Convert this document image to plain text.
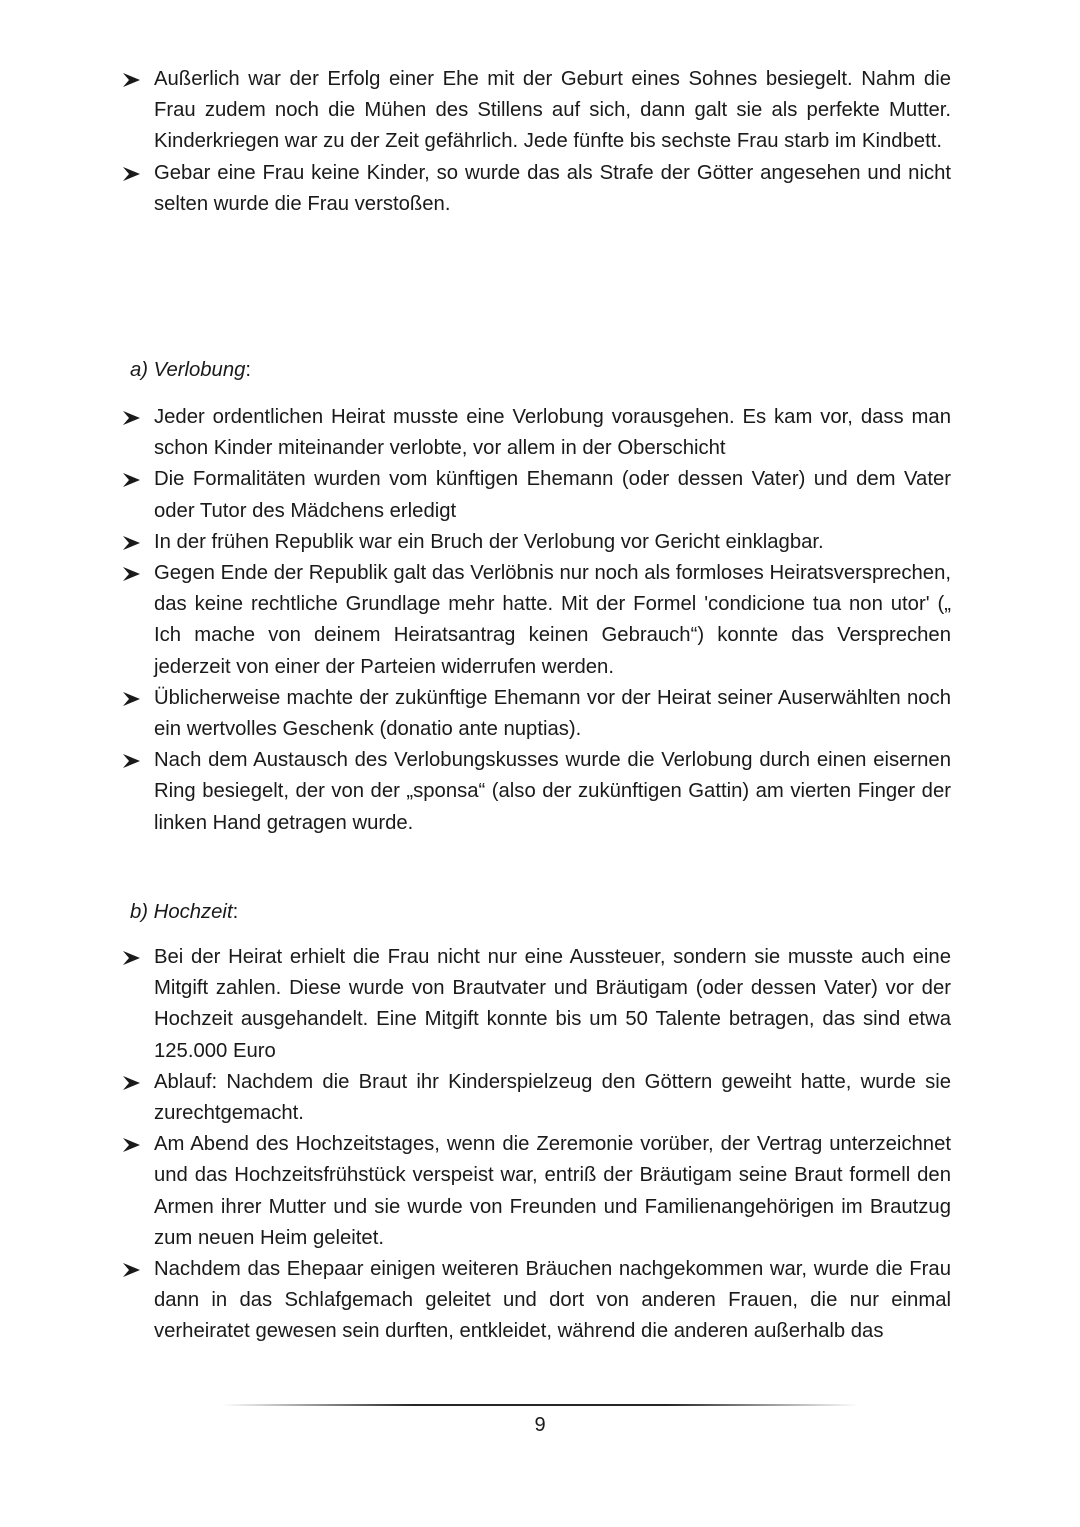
Außerlich war der Erfolg einer Ehe mit der Geburt eines Sohnes besiegelt. Nahm die Frau zudem noch die Mühen des Stillens auf sich, dann galt sie als perfekte Mutter. Kinderkriegen war zu der Zeit gefährlich. Jede fünfte bis sechste Frau starb im Kindbett.
Gebar eine Frau keine Kinder, so wurde das als Strafe der Götter angesehen und nicht selten wurde die Frau verstoßen.
a) Verlobung:
Jeder ordentlichen Heirat musste eine Verlobung vorausgehen. Es kam vor, dass man schon Kinder miteinander verlobte, vor allem in der Oberschicht
Die Formalitäten wurden vom künftigen Ehemann (oder dessen Vater) und dem Vater oder Tutor des Mädchens erledigt
In der frühen Republik war ein Bruch der Verlobung vor Gericht einklagbar.
Gegen Ende der Republik galt das Verlöbnis nur noch als formloses Heiratsversprechen, das keine rechtliche Grundlage mehr hatte. Mit der Formel 'condicione tua non utor' („ Ich mache von deinem Heiratsantrag keinen Gebrauch“) konnte das Versprechen jederzeit von einer der Parteien widerrufen werden.
Üblicherweise machte der zukünftige Ehemann vor der Heirat seiner Auserwählten noch ein wertvolles Geschenk (donatio ante nuptias).
Nach dem Austausch des Verlobungskusses wurde die Verlobung durch einen eisernen Ring besiegelt, der von der „sponsa“ (also der zukünftigen Gattin) am vierten Finger der linken Hand getragen wurde.
b) Hochzeit:
Bei der Heirat erhielt die Frau nicht nur eine Aussteuer, sondern sie musste auch eine Mitgift zahlen. Diese wurde von Brautvater und Bräutigam (oder dessen Vater) vor der Hochzeit ausgehandelt. Eine Mitgift konnte bis um 50 Talente betragen, das sind etwa 125.000 Euro
Ablauf: Nachdem die Braut ihr Kinderspielzeug den Göttern geweiht hatte, wurde sie zurechtgemacht.
Am Abend des Hochzeitstages, wenn die Zeremonie vorüber, der Vertrag unterzeichnet und das Hochzeitsfrühstück verspeist war, entriß der Bräutigam seine Braut formell den Armen ihrer Mutter und sie wurde von Freunden und Familienangehörigen im Brautzug zum neuen Heim geleitet.
Nachdem das Ehepaar einigen weiteren Bräuchen nachgekommen war, wurde die Frau dann in das Schlafgemach geleitet und dort von anderen Frauen, die nur einmal verheiratet gewesen sein durften, entkleidet, während die anderen außerhalb das
9
